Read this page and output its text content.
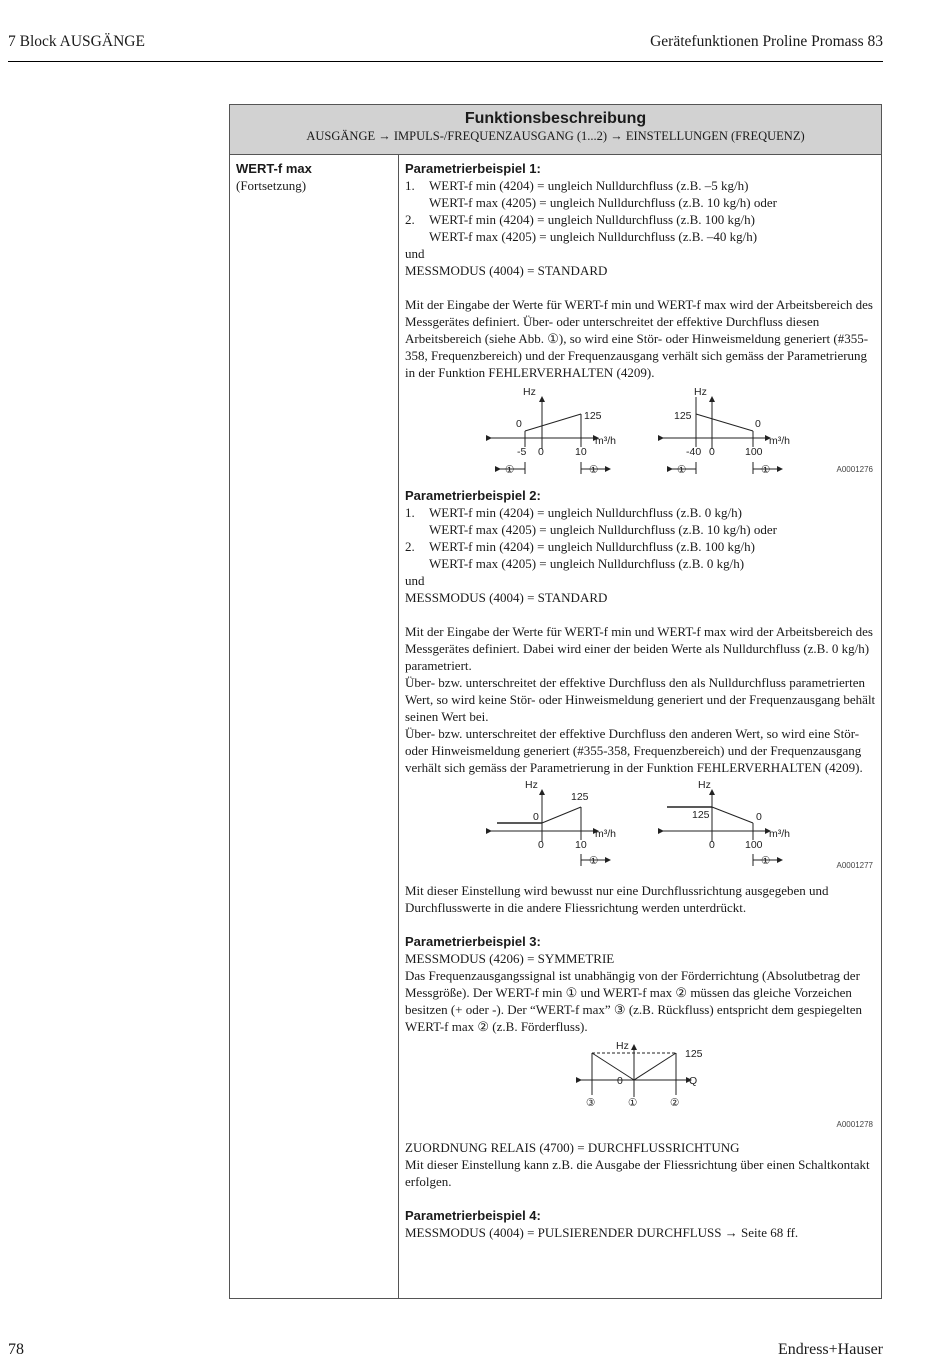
7 Block AUSGÄNGE	Gerätefunktionen Proline Promass 83
Funktionsbeschreibung
AUSGÄNGE → IMPULS-/FREQUENZAUSGANG (1...2) → EINSTELLUNGEN (FREQUENZ)
WERT-f max
(Fortsetzung)

Parametrierbeispiel 1:

1.	WERT-f min (4204) = ungleich Nulldurchfluss (z.B. –5 kg/h)

WERT-f max (4205) = ungleich Nulldurchfluss (z.B. 10 kg/h) oder

2.	WERT-f min (4204) = ungleich Nulldurchfluss (z.B. 100 kg/h)

WERT-f max (4205) = ungleich Nulldurchfluss (z.B. –40 kg/h)

und

MESSMODUS (4004) = STANDARD

Mit der Eingabe der Werte für WERT-f min und WERT-f max wird der Arbeitsbereich des Messgerätes definiert. Über- oder unterschreitet der effektive Durchfluss diesen Arbeitsbereich (siehe Abb. ①), so wird eine Stör- oder Hinweismeldung generiert (#355-358, Frequenzbereich) und der Frequenzausgang verhält sich gemäss der Parametrierung in der Funktion FEHLERVERHALTEN (4209).

Hz
0
125
m³/h
-5 0	10
①	①
Hz
125
0
m³/h
-40 0	100
①	①	A0001276

Parametrierbeispiel 2:

1.	WERT-f min (4204) = ungleich Nulldurchfluss (z.B. 0 kg/h)

WERT-f max (4205) = ungleich Nulldurchfluss (z.B. 10 kg/h) oder

2.	WERT-f min (4204) = ungleich Nulldurchfluss (z.B. 100 kg/h)

WERT-f max (4205) = ungleich Nulldurchfluss (z.B. 0 kg/h)

und

MESSMODUS (4004) = STANDARD

Mit der Eingabe der Werte für WERT-f min und WERT-f max wird der Arbeitsbereich des Messgerätes definiert. Dabei wird einer der beiden Werte als Nulldurchfluss (z.B. 0 kg/h) parametriert.

Über- bzw. unterschreitet der effektive Durchfluss den als Nulldurchfluss parametrierten Wert, so wird keine Stör- oder Hinweismeldung generiert und der Frequenzausgang behält seinen Wert bei.

Über- bzw. unterschreitet der effektive Durchfluss den anderen Wert, so wird eine Stör- oder Hinweismeldung generiert (#355-358, Frequenzbereich) und der Frequenzausgang verhält sich gemäss der Parametrierung in der Funktion FEHLERVERHALTEN (4209).

Hz
0
125
m³/h
0	10
①
Hz
125	0
m³/h
0	100
①	A0001277

Mit dieser Einstellung wird bewusst nur eine Durchflussrichtung ausgegeben und Durchflusswerte in die andere Fliessrichtung werden unterdrückt.

Parametrierbeispiel 3:

MESSMODUS (4206) = SYMMETRIE

Das Frequenzausgangssignal ist unabhängig von der Förderrichtung (Absolutbetrag der Messgröße). Der WERT-f min ① und WERT-f max ② müssen das gleiche Vorzeichen besitzen (+ oder -). Der “WERT-f max” ③ (z.B. Rückfluss) entspricht dem gespiegelten WERT-f max ② (z.B. Förderfluss).

Hz
125
0	Q
③	①	②
A0001278

ZUORDNUNG RELAIS (4700) = DURCHFLUSSRICHTUNG

Mit dieser Einstellung kann z.B. die Ausgabe der Fliessrichtung über einen Schaltkontakt erfolgen.

Parametrierbeispiel 4:

MESSMODUS (4004) = PULSIERENDER DURCHFLUSS → Seite 68 ff.

78	Endress+Hauser
